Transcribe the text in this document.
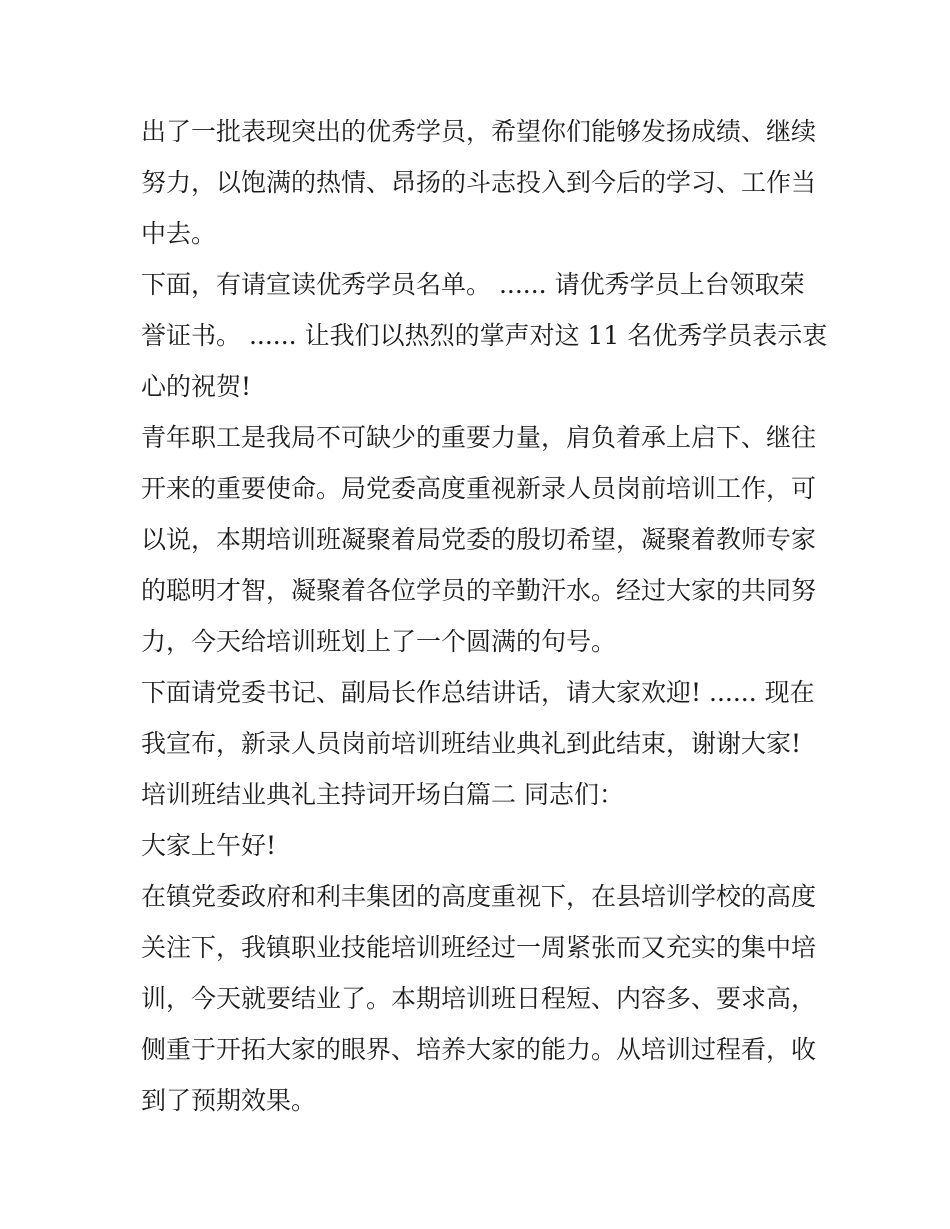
出了一批表现突出的优秀学员，希望你们能够发扬成绩、继续
努力，以饱满的热情、昂扬的斗志投入到今后的学习、工作当
中去。
下面，有请宣读优秀学员名单。 ...... 请优秀学员上台领取荣
誉证书。 ...... 让我们以热烈的掌声对这 11 名优秀学员表示衷
心的祝贺!
青年职工是我局不可缺少的重要力量，肩负着承上启下、继往
开来的重要使命。局党委高度重视新录人员岗前培训工作，可
以说，本期培训班凝聚着局党委的殷切希望，凝聚着教师专家
的聪明才智，凝聚着各位学员的辛勤汗水。经过大家的共同努
力，今天给培训班划上了一个圆满的句号。
下面请党委书记、副局长作总结讲话，请大家欢迎! ...... 现在
我宣布，新录人员岗前培训班结业典礼到此结束，谢谢大家!
培训班结业典礼主持词开场白篇二 同志们：
大家上午好!
在镇党委政府和利丰集团的高度重视下，在县培训学校的高度
关注下，我镇职业技能培训班经过一周紧张而又充实的集中培
训，今天就要结业了。本期培训班日程短、内容多、要求高，
侧重于开拓大家的眼界、培养大家的能力。从培训过程看，收
到了预期效果。
